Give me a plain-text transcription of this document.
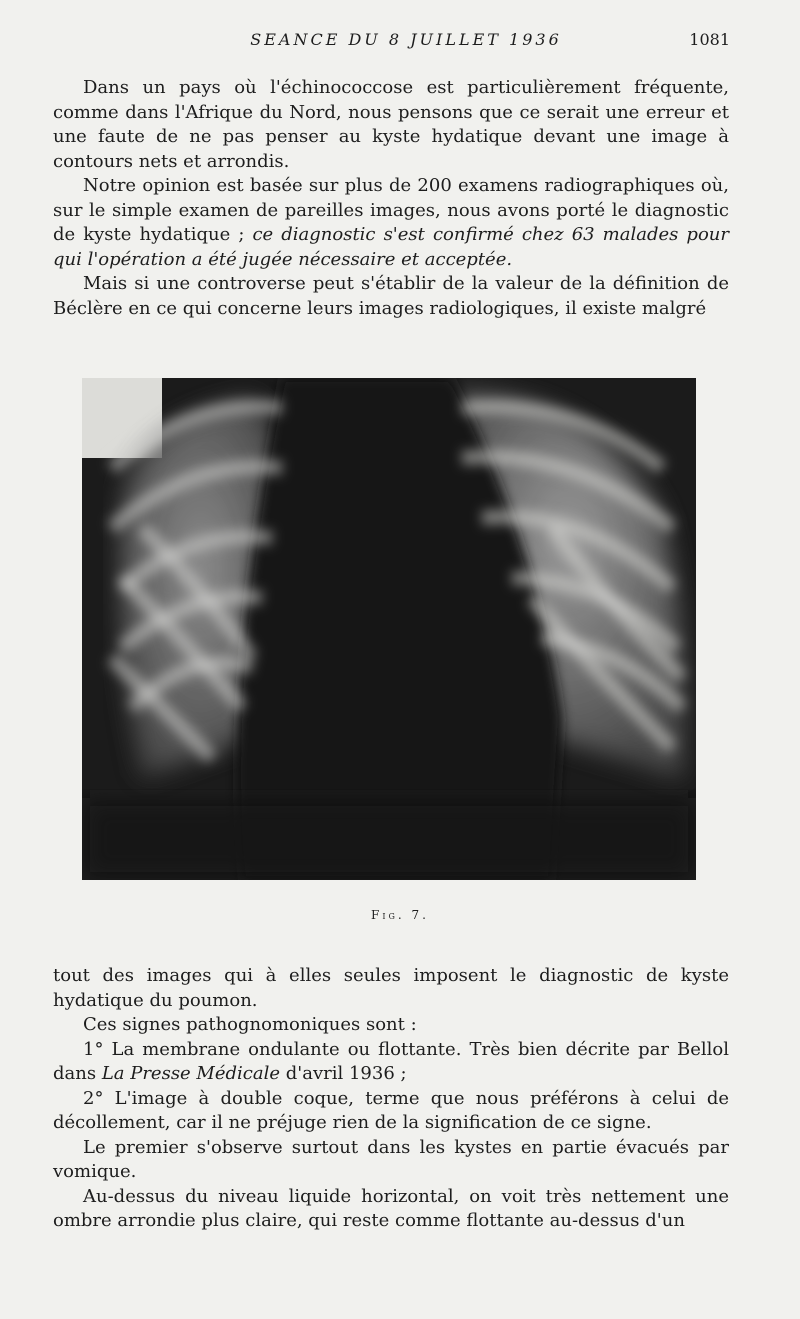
SEANCE DU 8 JUILLET 1936	1081

Dans un pays où l'échinococcose est particulièrement fréquente, comme dans l'Afrique du Nord, nous pensons que ce serait une erreur et une faute de ne pas penser au kyste hydatique devant une image à contours nets et arrondis.

Notre opinion est basée sur plus de 200 examens radiographiques où, sur le simple examen de pareilles images, nous avons porté le diagnostic de kyste hydatique ; ce diagnostic s'est confirmé chez 63 malades pour qui l'opération a été jugée nécessaire et acceptée.

Mais si une controverse peut s'établir de la valeur de la définition de Béclère en ce qui concerne leurs images radiologiques, il existe malgré

Fig. 7.

tout des images qui à elles seules imposent le diagnostic de kyste hydatique du poumon.

Ces signes pathognomoniques sont :

1° La membrane ondulante ou flottante. Très bien décrite par Bellol dans La Presse Médicale d'avril 1936 ;

2° L'image à double coque, terme que nous préférons à celui de décollement, car il ne préjuge rien de la signification de ce signe.

Le premier s'observe surtout dans les kystes en partie évacués par vomique.

Au-dessus du niveau liquide horizontal, on voit très nettement une ombre arrondie plus claire, qui reste comme flottante au-dessus d'un
